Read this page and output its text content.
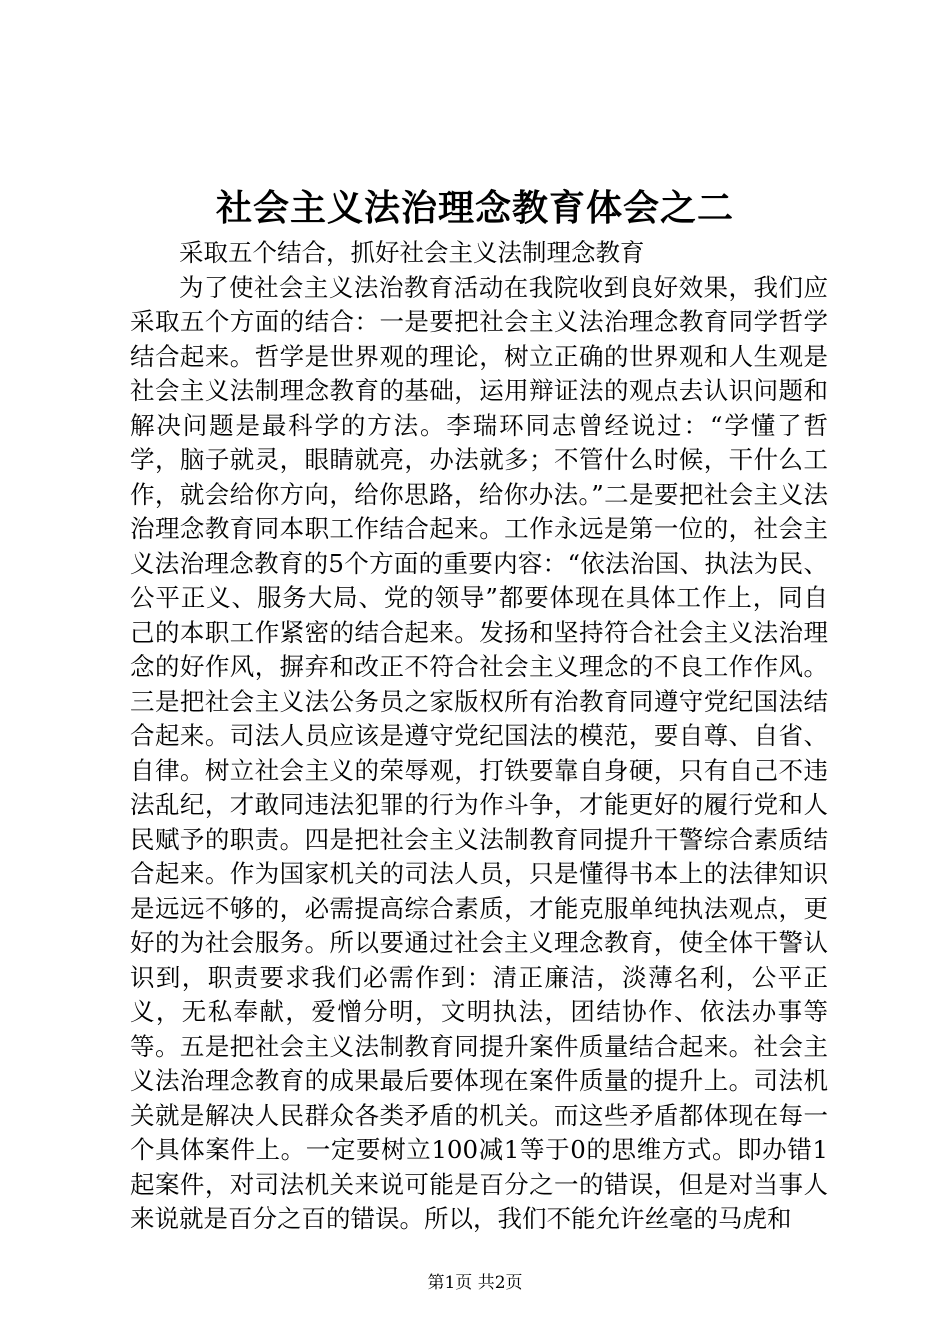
社会主义法治理念教育体会之二

采取五个结合，抓好社会主义法制理念教育

为了使社会主义法治教育活动在我院收到良好效果，我们应采取五个方面的结合：一是要把社会主义法治理念教育同学哲学结合起来。哲学是世界观的理论，树立正确的世界观和人生观是社会主义法制理念教育的基础，运用辩证法的观点去认识问题和解决问题是最科学的方法。李瑞环同志曾经说过：“学懂了哲学，脑子就灵，眼睛就亮，办法就多；不管什么时候，干什么工作，就会给你方向，给你思路，给你办法。”二是要把社会主义法治理念教育同本职工作结合起来。工作永远是第一位的，社会主义法治理念教育的5个方面的重要内容：“依法治国、执法为民、公平正义、服务大局、党的领导”都要体现在具体工作上，同自己的本职工作紧密的结合起来。发扬和坚持符合社会主义法治理念的好作风，摒弃和改正不符合社会主义理念的不良工作作风。三是把社会主义法公务员之家版权所有治教育同遵守党纪国法结合起来。司法人员应该是遵守党纪国法的模范，要自尊、自省、自律。树立社会主义的荣辱观，打铁要靠自身硬，只有自己不违法乱纪，才敢同违法犯罪的行为作斗争，才能更好的履行党和人民赋予的职责。四是把社会主义法制教育同提升干警综合素质结合起来。作为国家机关的司法人员，只是懂得书本上的法律知识是远远不够的，必需提高综合素质，才能克服单纯执法观点，更好的为社会服务。所以要通过社会主义理念教育，使全体干警认识到，职责要求我们必需作到：清正廉洁，淡薄名利，公平正义，无私奉献，爱憎分明，文明执法，团结协作、依法办事等等。五是把社会主义法制教育同提升案件质量结合起来。社会主义法治理念教育的成果最后要体现在案件质量的提升上。司法机关就是解决人民群众各类矛盾的机关。而这些矛盾都体现在每一个具体案件上。一定要树立100减1等于0的思维方式。即办错1起案件，对司法机关来说可能是百分之一的错误，但是对当事人来说就是百分之百的错误。所以，我们不能允许丝毫的马虎和

第1页 共2页
